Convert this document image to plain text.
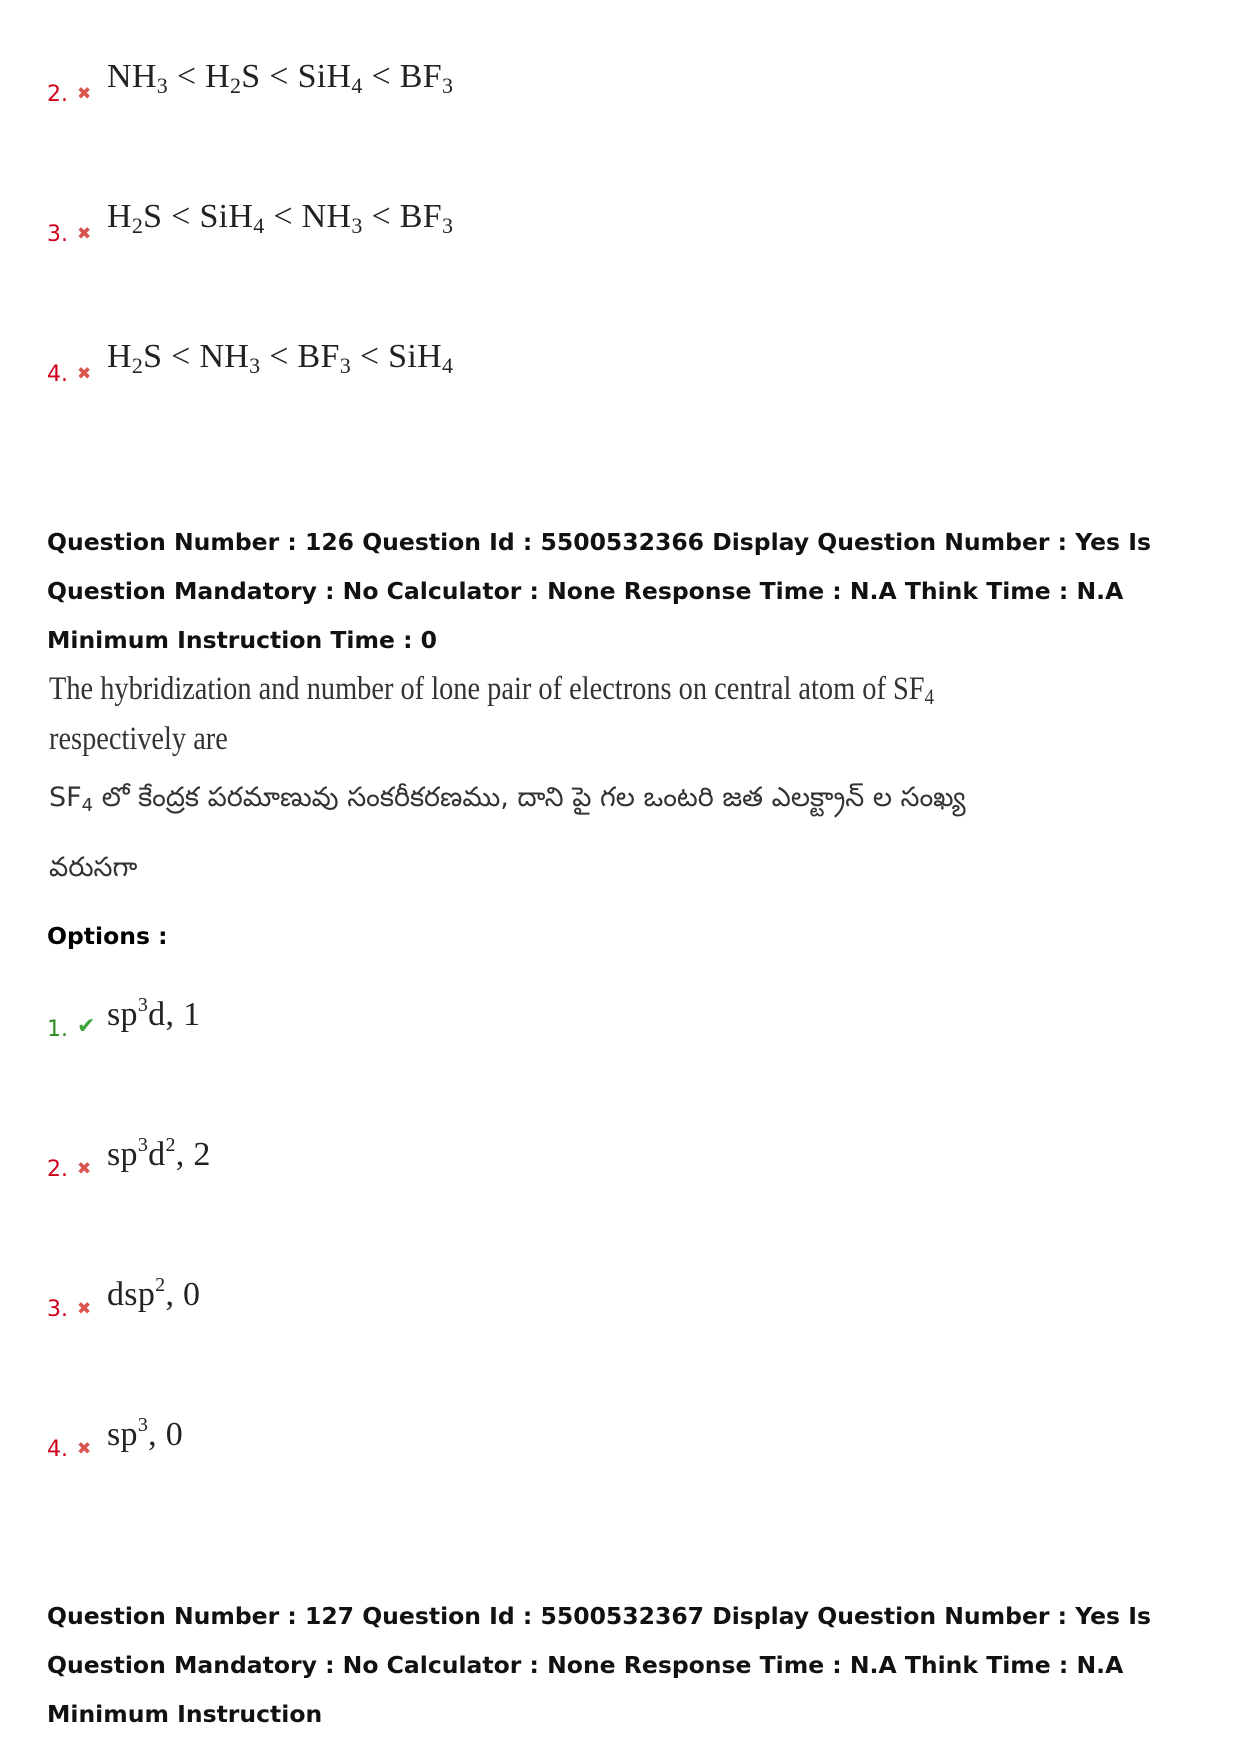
2. ✖ $NH_3 < H_2S < SiH_4 < BF_3$
3. ✖ $H_2S < SiH_4 < NH_3 < BF_3$
4. ✖ $H_2S < NH_3 < BF_3 < SiH_4$
Question Number : 126 Question Id : 5500532366 Display Question Number : Yes Is Question Mandatory : No Calculator : None Response Time : N.A Think Time : N.A Minimum Instruction Time : 0
The hybridization and number of lone pair of electrons on central atom of $SF_4$
respectively are
$SF_4$ లో కేంద్రక పరమాణువు సంకరీకరణము, దాని పై గల ఒంటరి జత ఎలక్ట్రాన్ ల సంఖ్య
వరుసగా
Options :
1. ✔ $sp^3d$, 1
2. ✖ $sp^3d^2$, 2
3. ✖ dsp$^2$, 0
4. ✖ $sp^3$, 0
Question Number : 127 Question Id : 5500532367 Display Question Number : Yes Is Question Mandatory : No Calculator : None Response Time : N.A Think Time : N.A Minimum Instruction
